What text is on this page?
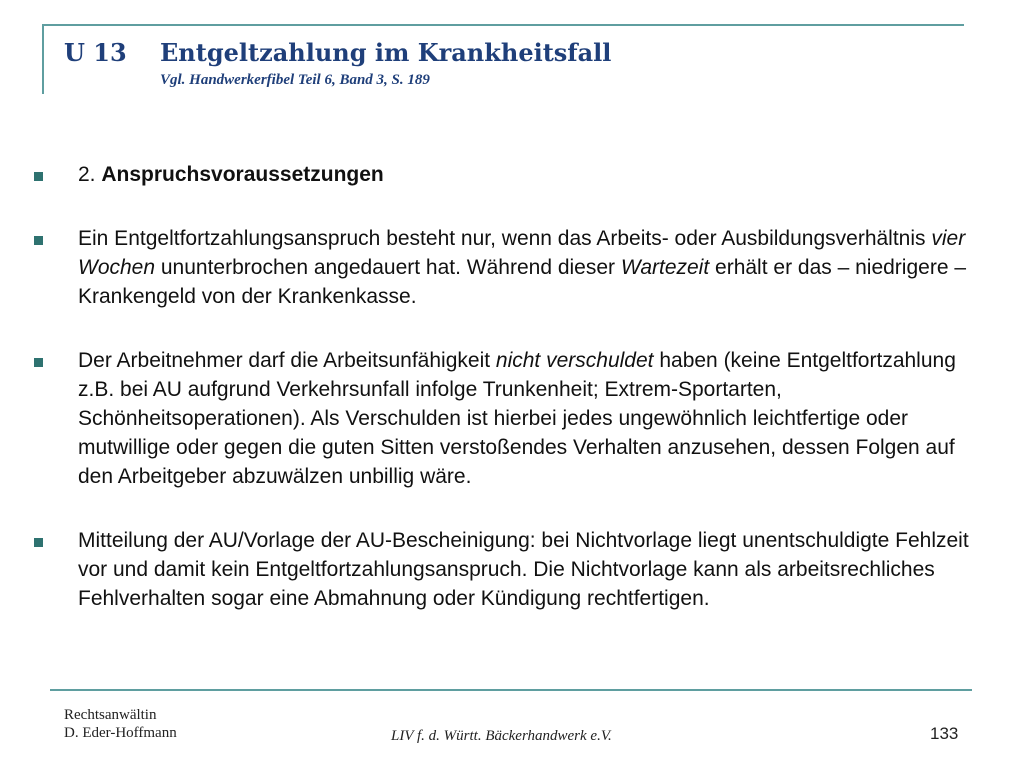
U 13 Entgeltzahlung im Krankheitsfall
Vgl. Handwerkerfibel Teil 6, Band 3, S. 189

2. Anspruchsvoraussetzungen

Ein Entgeltfortzahlungsanspruch besteht nur, wenn das Arbeits- oder Ausbildungsverhältnis vier Wochen ununterbrochen angedauert hat. Während dieser Wartezeit erhält er das – niedrigere – Krankengeld von der Krankenkasse.

Der Arbeitnehmer darf die Arbeitsunfähigkeit nicht verschuldet haben (keine Entgeltfortzahlung z.B. bei AU aufgrund Verkehrsunfall infolge Trunkenheit; Extrem-Sportarten, Schönheitsoperationen). Als Verschulden ist hierbei jedes ungewöhnlich leichtfertige oder mutwillige oder gegen die guten Sitten verstoßendes Verhalten anzusehen, dessen Folgen auf den Arbeitgeber abzuwälzen unbillig wäre.

Mitteilung der AU/Vorlage der AU-Bescheinigung: bei Nichtvorlage liegt unentschuldigte Fehlzeit vor und damit kein Entgeltfortzahlungsanspruch. Die Nichtvorlage kann als arbeitsrechliches Fehlverhalten sogar eine Abmahnung oder Kündigung rechtfertigen.

Rechtsanwältin
D. Eder-Hoffmann	LIV f. d. Württ. Bäckerhandwerk e.V.	133
